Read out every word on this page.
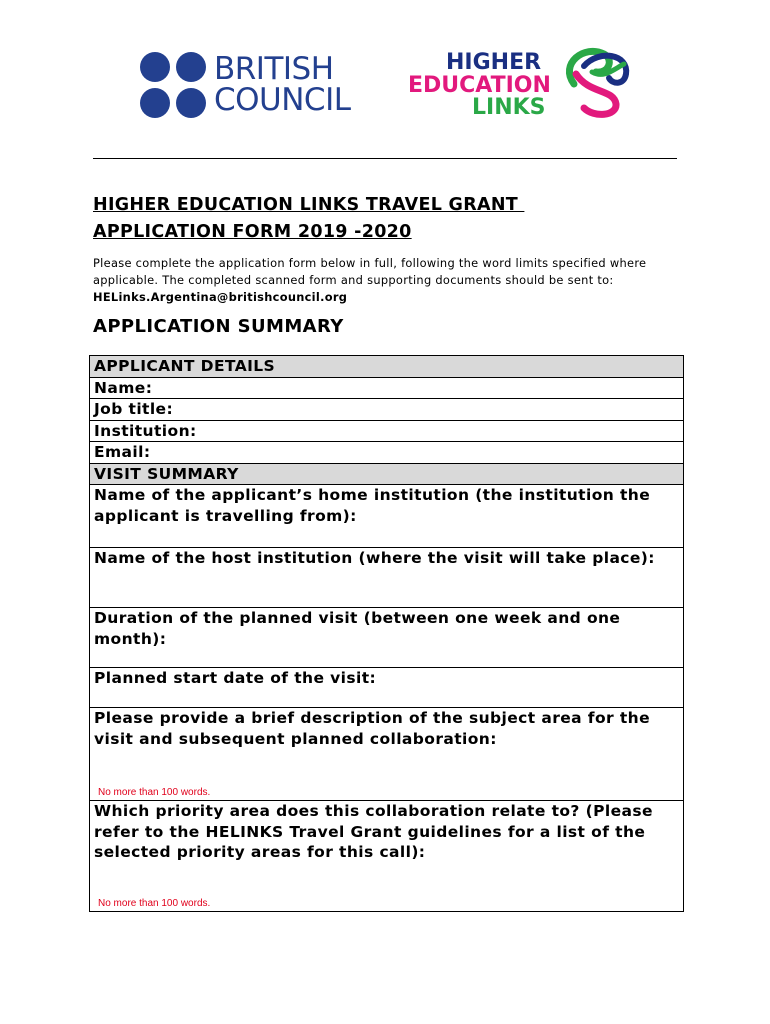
BRITISH
COUNCIL
HIGHER
EDUCATION
LINKS
HIGHER EDUCATION LINKS TRAVEL GRANT
APPLICATION FORM 2019 -2020
Please complete the application form below in full, following the word limits specified where applicable. The completed scanned form and supporting documents should be sent to: HELinks.Argentina@britishcouncil.org
APPLICATION SUMMARY
APPLICANT DETAILS
Name:
Job title:
Institution:
Email:
VISIT SUMMARY
Name of the applicant’s home institution (the institution the applicant is travelling from):
Name of the host institution (where the visit will take place):
Duration of the planned visit (between one week and one month):
Planned start date of the visit:

Please provide a brief description of the subject area for the visit and subsequent planned collaboration:
No more than 100 words.

Which priority area does this collaboration relate to? (Please refer to the HELINKS Travel Grant guidelines for a list of the selected priority areas for this call):
No more than 100 words.
